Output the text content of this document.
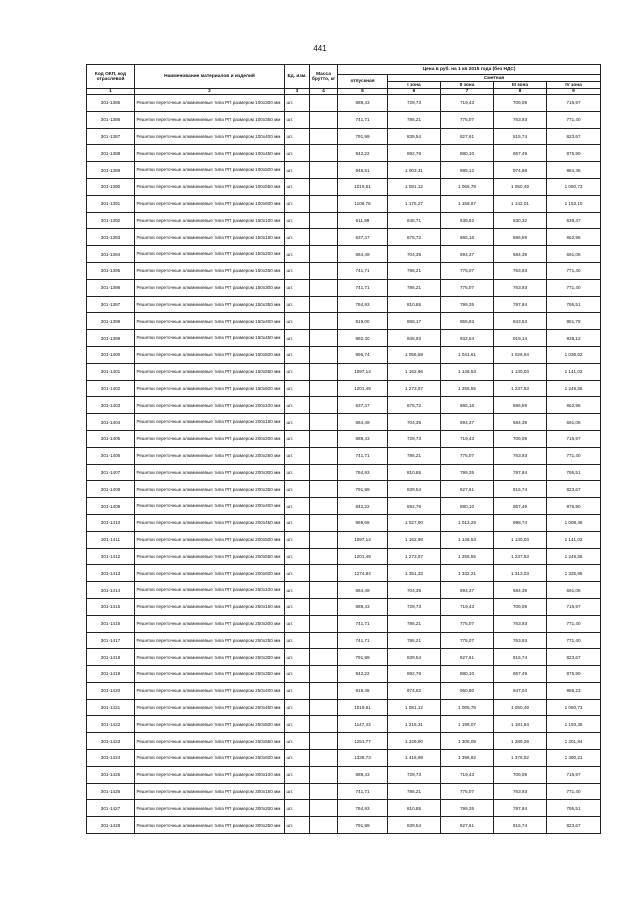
441
Код ОКП, код отраслевой	Наименование материалов и изделий	Ед. изм.	Масса брутто, кг	Цена в руб. на 1 кв 2015 года (без НДС)				
				отпускная	Сметная			
					I зона	II зона	III зона	IV зона
1	2	3	4	5	6	7	8	9
301-1385	Решетки переточные алюминиевые типа РП размером 100х300 мм	шт.		688,43	729,73	719,43	709,08	715,97
301-1386	Решетки переточные алюминиевые типа РП размером 100х350 мм	шт.		741,71	786,21	775,07	763,93	771,40
301-1387	Решетки переточные алюминиевые типа РП размером 100х400 мм	шт.		791,99	839,54	827,61	815,74	823,67
301-1388	Решетки переточные алюминиевые типа РП размером 100х450 мм	шт.		842,22	892,76	880,10	867,49	875,90
301-1389	Решетки переточные алюминиевые типа РП размером 100х500 мм	шт.		946,51	1 003,31	989,12	974,88	984,35
301-1390	Решетки переточные алюминиевые типа РП размером 100х550 мм	шт.		1019,61	1 081,12	1 065,78	1 050,49	1 060,73
301-1391	Решетки переточные алюминиевые типа РП размером 100х600 мм	шт.		1108,76	1 175,27	1 158,67	1 142,01	1 153,10
301-1392	Решетки переточные алюминиевые типа РП размером 150х100 мм	шт.		611,99	648,71	639,52	630,32	636,47
301-1393	Решетки переточные алюминиевые типа РП размером 150х150 мм	шт.		637,47	675,72	666,16	656,59	662,95
301-1394	Решетки переточные алюминиевые типа РП размером 150х200 мм	шт.		664,49	704,35	694,37	684,39	691,06
301-1395	Решетки переточные алюминиевые типа РП размером 150х250 мм	шт.		741,71	786,21	775,07	763,93	771,40
301-1396	Решетки переточные алюминиевые типа РП размером 150х300 мм	шт.		741,71	786,21	775,07	763,93	771,40
301-1397	Решетки переточные алюминиевые типа РП размером 150х350 мм	шт.		764,93	810,85	799,35	787,84	795,51
301-1398	Решетки переточные алюминиевые типа РП размером 150х400 мм	шт.		819,00	868,17	855,83	843,53	851,78
301-1399	Решетки переточные алюминиевые типа РП размером 150х450 мм	шт.		892,40	945,93	932,54	919,14	928,12
301-1400	Решетки переточные алюминиевые типа РП размером 150х500 мм	шт.		996,74	1 056,58	1 041,61	1 026,64	1 036,62
301-1401	Решетки переточные алюминиевые типа РП размером 150х550 мм	шт.		1097,14	1 162,96	1 146,53	1 130,03	1 141,02
301-1402	Решетки переточные алюминиевые типа РП размером 150х600 мм	шт.		1201,49	1 273,57	1 255,55	1 237,53	1 249,56
301-1403	Решетки переточные алюминиевые типа РП размером 200х100 мм	шт.		637,47	675,72	666,16	656,59	662,95
301-1404	Решетки переточные алюминиевые типа РП размером 200х150 мм	шт.		664,49	704,35	694,37	684,39	691,06
301-1405	Решетки переточные алюминиевые типа РП размером 200х200 мм	шт.		688,43	729,73	719,43	709,08	715,97
301-1406	Решетки переточные алюминиевые типа РП размером 200х250 мм	шт.		741,71	786,21	775,07	763,93	771,40
301-1407	Решетки переточные алюминиевые типа РП размером 200х300 мм	шт.		764,93	810,85	799,35	787,84	795,51
301-1408	Решетки переточные алюминиевые типа РП размером 200х350 мм	шт.		791,99	839,54	827,61	815,74	823,67
301-1409	Решетки переточные алюминиевые типа РП размером 200х400 мм	шт.		842,22	892,76	880,10	867,49	875,90
301-1410	Решетки переточные алюминиевые типа РП размером 200х450 мм	шт.		969,66	1 027,90	1 013,29	998,74	1 008,46
301-1411	Решетки переточные алюминиевые типа РП размером 200х500 мм	шт.		1097,14	1 162,98	1 146,53	1 130,03	1 141,02
301-1412	Решетки переточные алюминиевые типа РП размером 200х550 мм	шт.		1201,49	1 273,57	1 255,55	1 237,53	1 249,56
301-1413	Решетки переточные алюминиевые типа РП размером 200х600 мм	шт.		1274,84	1 351,33	1 332,21	1 313,03	1 325,85
301-1414	Решетки переточные алюминиевые типа РП размером 250х100 мм	шт.		664,49	704,35	694,37	684,39	691,06
301-1415	Решетки переточные алюминиевые типа РП размером 250х150 мм	шт.		688,43	729,73	719,43	709,08	715,97
301-1416	Решетки переточные алюминиевые типа РП размером 250х200 мм	шт.		741,71	786,21	775,07	763,93	771,40
301-1417	Решетки переточные алюминиевые типа РП размером 250х250 мм	шт.		741,71	786,21	775,07	763,93	771,40
301-1418	Решетки переточные алюминиевые типа РП размером 250х300 мм	шт.		791,99	839,54	827,61	815,74	823,67
301-1419	Решетки переточные алюминиевые типа РП размером 250х350 мм	шт.		842,22	892,76	880,10	867,49	875,90
301-1420	Решетки переточные алюминиевые типа РП размером 250х400 мм	шт.		919,45	974,62	960,80	947,04	956,23
301-1421	Решетки переточные алюминиевые типа РП размером 250х450 мм	шт.		1019,61	1 081,12	1 065,78	1 050,49	1 060,73
301-1422	Решетки переточные алюминиевые типа РП размером 250х500 мм	шт.		1147,43	1 216,31	1 199,07	1 181,84	1 193,35
301-1423	Решетки переточные алюминиевые типа РП размером 250х550 мм	шт.		1251,77	1 326,90	1 308,09	1 289,29	1 301,84
301-1424	Решетки переточные алюминиевые типа РП размером 250х600 мм	шт.		1338,73	1 416,98	1 396,82	1 376,62	1 390,21
301-1425	Решетки переточные алюминиевые типа РП размером 300х100 мм	шт.		688,43	729,73	719,43	709,08	715,97
301-1426	Решетки переточные алюминиевые типа РП размером 300х150 мм	шт.		741,71	786,21	775,07	763,93	771,40
301-1427	Решетки переточные алюминиевые типа РП размером 300х200 мм	шт.		764,93	810,85	799,35	787,84	795,51
301-1428	Решетки переточные алюминиевые типа РП размером 300х250 мм	шт.		791,99	839,54	827,61	815,74	823,67
